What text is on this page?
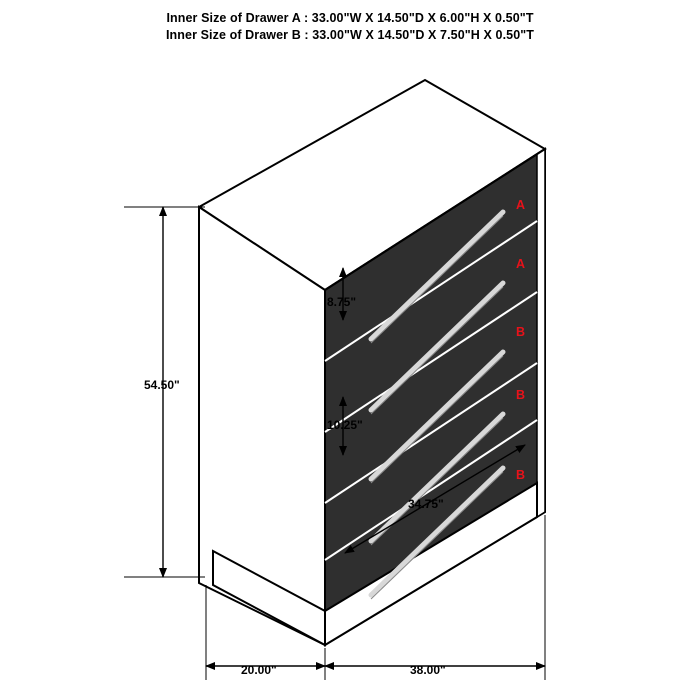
Inner Size of Drawer A : 33.00"W X 14.50"D X 6.00"H X 0.50"T
Inner Size of Drawer B : 33.00"W X 14.50"D X 7.50"H X 0.50"T
54.50"
8.75"
10.25"
34.75"
20.00"	38.00"
A
A
B
B
B
